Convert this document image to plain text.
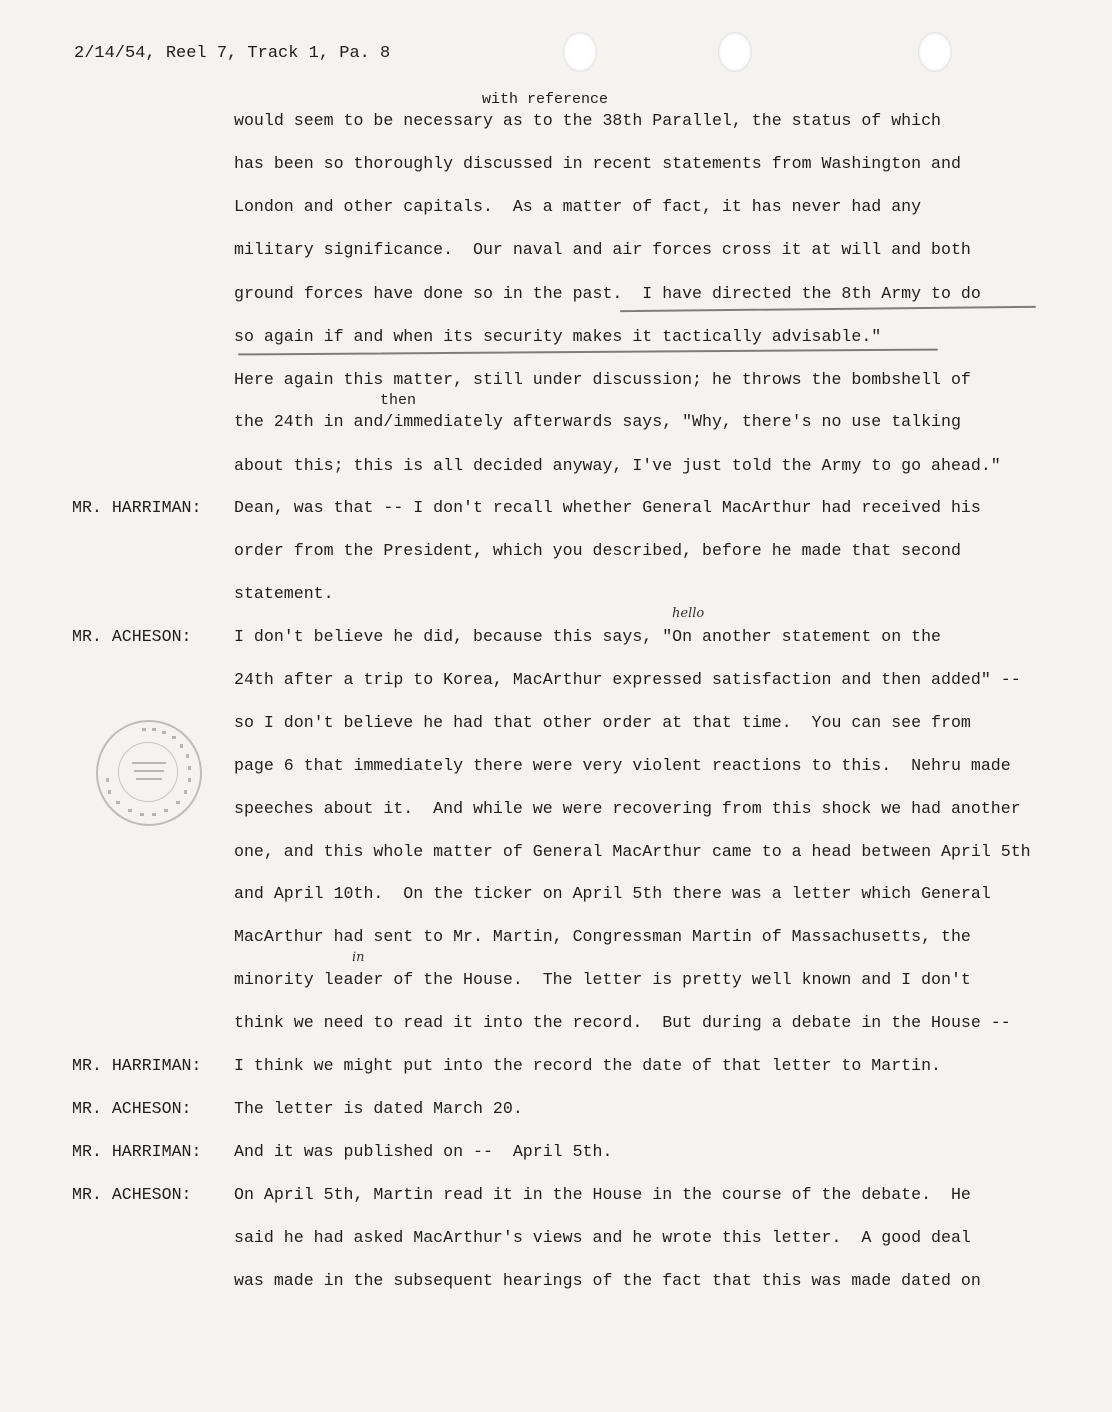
2/14/54, Reel 7, Track 1, Pa. 8
with reference
would seem to be necessary as to the 38th Parallel, the status of which
has been so thoroughly discussed in recent statements from Washington and
London and other capitals.  As a matter of fact, it has never had any
military significance.  Our naval and air forces cross it at will and both
ground forces have done so in the past.  I have directed the 8th Army to do
so again if and when its security makes it tactically advisable."
Here again this matter, still under discussion; he throws the bombshell of
then
the 24th in and/immediately afterwards says, "Why, there's no use talking
about this; this is all decided anyway, I've just told the Army to go ahead."
MR. HARRIMAN: Dean, was that -- I don't recall whether General MacArthur had received his
order from the President, which you described, before he made that second
statement.
hello
MR. ACHESON:	I don't believe he did, because this says, "On another statement on the
24th after a trip to Korea, MacArthur expressed satisfaction and then added" --
so I don't believe he had that other order at that time.  You can see from
page 6 that immediately there were very violent reactions to this.  Nehru made
speeches about it.  And while we were recovering from this shock we had another
one, and this whole matter of General MacArthur came to a head between April 5th
and April 10th.  On the ticker on April 5th there was a letter which General
MacArthur had sent to Mr. Martin, Congressman Martin of Massachusetts, the
in
minority leader of the House.  The letter is pretty well known and I don't
think we need to read it into the record.  But during a debate in the House --
MR. HARRIMAN: I think we might put into the record the date of that letter to Martin.
MR. ACHESON:	The letter is dated March 20.
MR. HARRIMAN: And it was published on --  April 5th.
MR. ACHESON:	On April 5th, Martin read it in the House in the course of the debate.  He
said he had asked MacArthur's views and he wrote this letter.  A good deal
was made in the subsequent hearings of the fact that this was made dated on
